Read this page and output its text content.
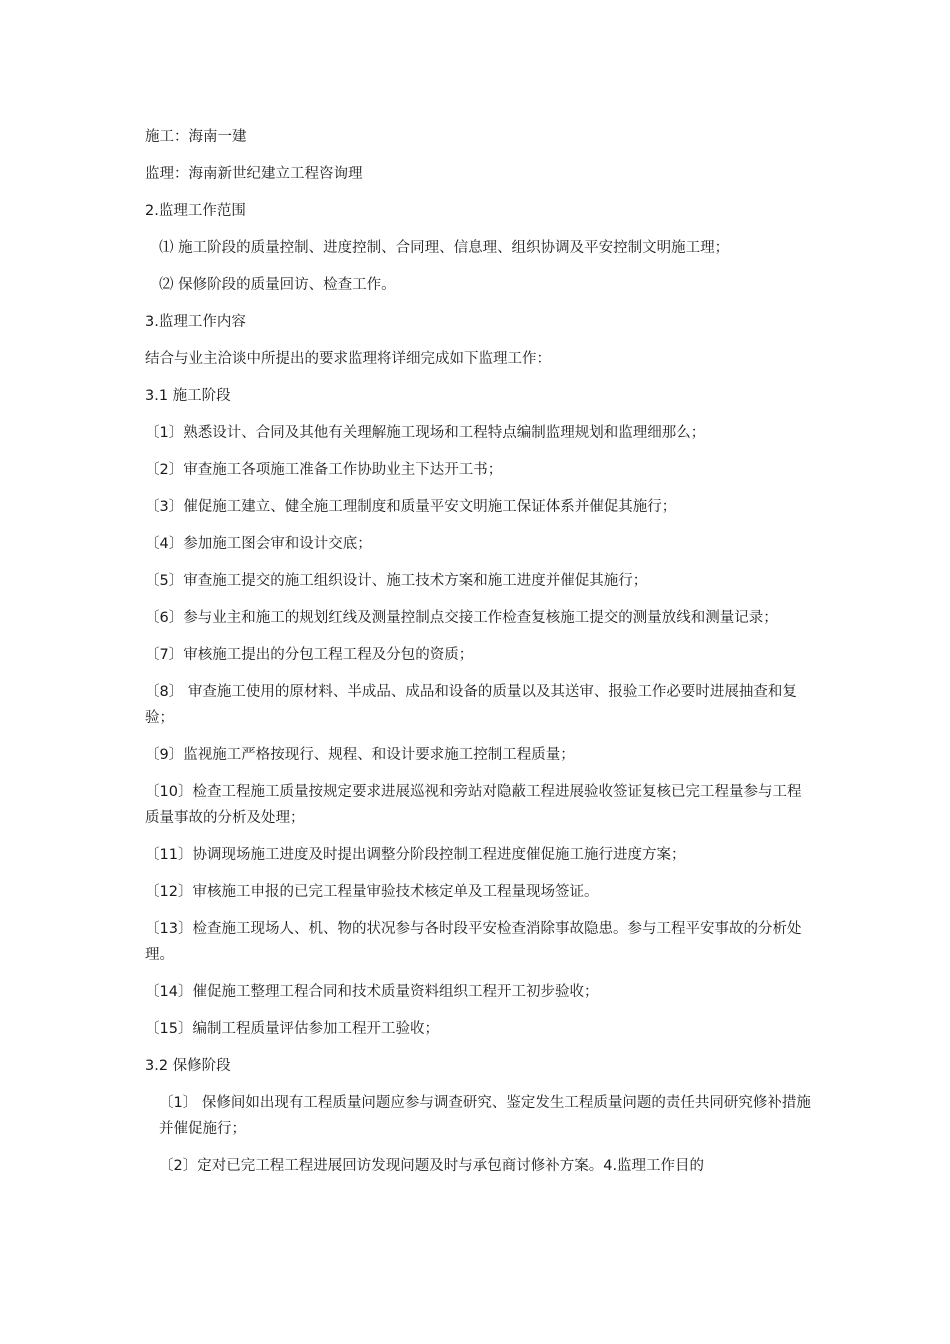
施工：海南一建

监理：海南新世纪建立工程咨询理

2.监理工作范围

⑴ 施工阶段的质量控制、进度控制、合同理、信息理、组织协调及平安控制文明施工理；

⑵ 保修阶段的质量回访、检查工作。

3.监理工作内容

结合与业主洽谈中所提出的要求监理将详细完成如下监理工作：

3.1 施工阶段

〔1〕熟悉设计、合同及其他有关理解施工现场和工程特点编制监理规划和监理细那么；

〔2〕审查施工各项施工准备工作协助业主下达开工书；

〔3〕催促施工建立、健全施工理制度和质量平安文明施工保证体系并催促其施行；

〔4〕参加施工图会审和设计交底；

〔5〕审查施工提交的施工组织设计、施工技术方案和施工进度并催促其施行；

〔6〕参与业主和施工的规划红线及测量控制点交接工作检查复核施工提交的测量放线和测量记录；

〔7〕审核施工提出的分包工程工程及分包的资质；

〔8〕 审查施工使用的原材料、半成品、成品和设备的质量以及其送审、报验工作必要时进展抽查和复验；

〔9〕监视施工严格按现行、规程、和设计要求施工控制工程质量；

〔10〕检查工程施工质量按规定要求进展巡视和旁站对隐蔽工程进展验收签证复核已完工程量参与工程质量事故的分析及处理；

〔11〕协调现场施工进度及时提出调整分阶段控制工程进度催促施工施行进度方案；

〔12〕审核施工申报的已完工程量审验技术核定单及工程量现场签证。

〔13〕检查施工现场人、机、物的状况参与各时段平安检查消除事故隐患。参与工程平安事故的分析处理。

〔14〕催促施工整理工程合同和技术质量资料组织工程开工初步验收；

〔15〕编制工程质量评估参加工程开工验收；

3.2 保修阶段

〔1〕 保修间如出现有工程质量问题应参与调查研究、鉴定发生工程质量问题的责任共同研究修补措施并催促施行；

〔2〕定对已完工程工程进展回访发现问题及时与承包商讨修补方案。4.监理工作目的
